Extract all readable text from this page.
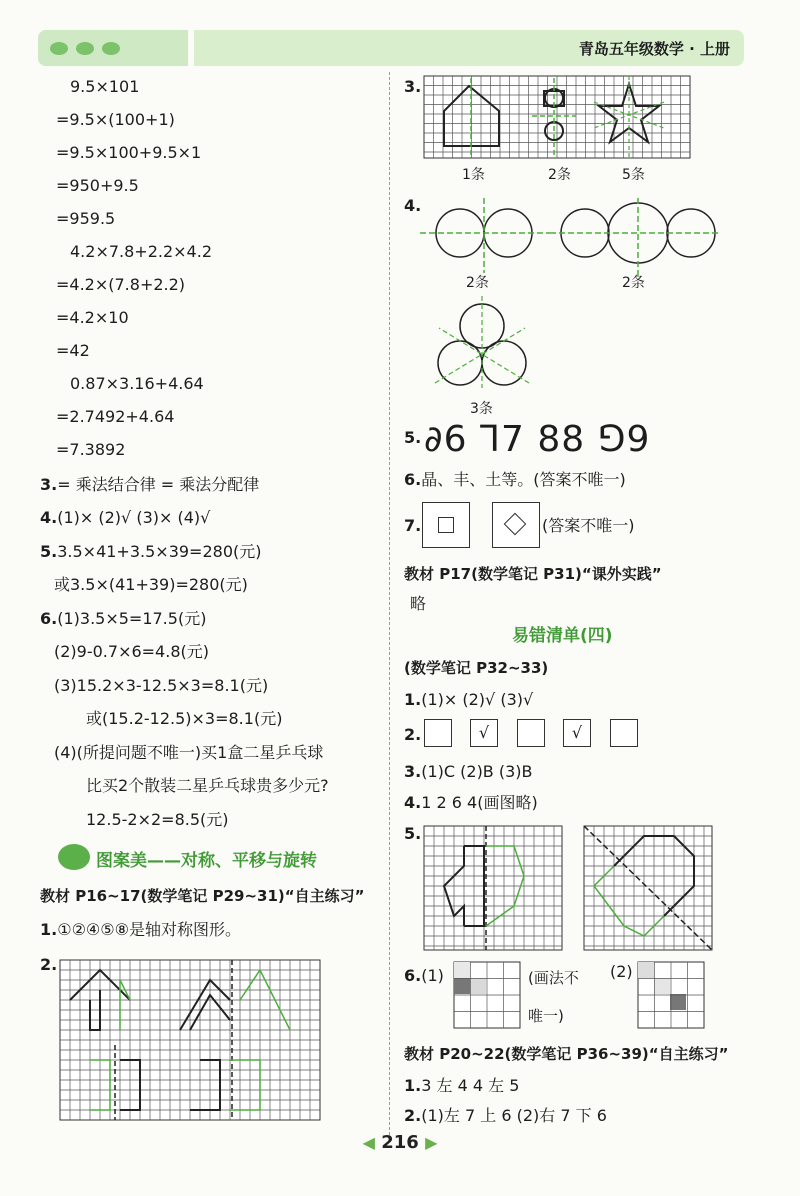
青岛五年级数学 · 上册
9.5×101
=9.5×(100+1)
=9.5×100+9.5×1
=950+9.5
=959.5
4.2×7.8+2.2×4.2
=4.2×(7.8+2.2)
=4.2×10
=42
0.87×3.16+4.64
=2.7492+4.64
=7.3892
3.= 乘法结合律 = 乘法分配律
4.(1)× (2)√ (3)× (4)√
5.3.5×41+3.5×39=280(元)
或3.5×(41+39)=280(元)
6.(1)3.5×5=17.5(元)
(2)9-0.7×6=4.8(元)
(3)15.2×3-12.5×3=8.1(元)
或(15.2-12.5)×3=8.1(元)
(4)(所提问题不唯一)买1盒二星乒乓球
比买2个散装二星乒乓球贵多少元?
12.5-2×2=8.5(元)
图案美——对称、平移与旋转
教材 P16~17(数学笔记 P29~31)“自主练习”
1.①②④⑤⑧是轴对称图形。
2.
3.
1条	2条	5条
4.
2条	2条
3条
5. ∂6 ⅂7 88 ⅁9
6.晶、丰、土等。(答案不唯一)
7.	(答案不唯一)
教材 P17(数学笔记 P31)“课外实践”
略
易错清单(四)
(数学笔记 P32~33)
1.(1)× (2)√ (3)√
2.	√	√
3.(1)C (2)B (3)B
4.1 2 6 4(画图略)
5.
6.(1)	(画法不
唯一)
(2)
教材 P20~22(数学笔记 P36~39)“自主练习”
1.3 左 4 4 左 5
2.(1)左 7 上 6 (2)右 7 下 6
◀ 216 ▶
